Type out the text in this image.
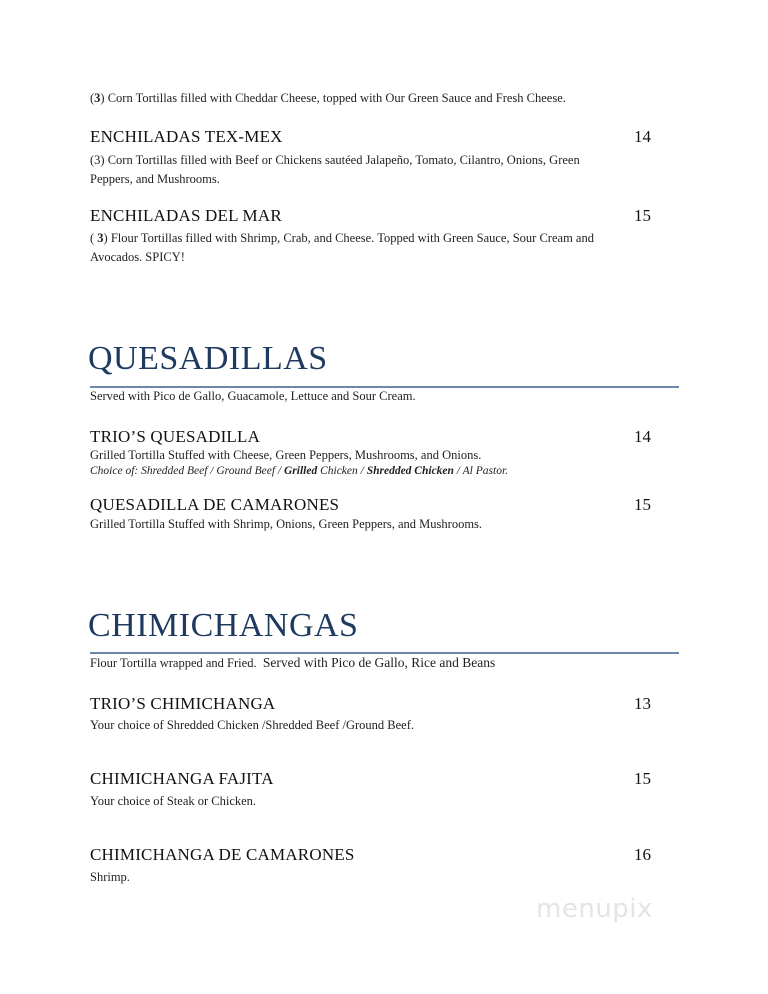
(3) Corn Tortillas filled with Cheddar Cheese, topped with Our Green Sauce and Fresh Cheese.
ENCHILADAS TEX-MEX	14
(3) Corn Tortillas filled with Beef or Chickens sautéed Jalapeño, Tomato, Cilantro, Onions, Green
Peppers, and Mushrooms.
ENCHILADAS DEL MAR	15
( 3) Flour Tortillas filled with Shrimp, Crab, and Cheese. Topped with Green Sauce, Sour Cream and
Avocados. SPICY!
QUESADILLAS
Served with Pico de Gallo, Guacamole, Lettuce and Sour Cream.
TRIO’S QUESADILLA	14
Grilled Tortilla Stuffed with Cheese, Green Peppers, Mushrooms, and Onions.
Choice of: Shredded Beef / Ground Beef / Grilled Chicken / Shredded Chicken / Al Pastor.
QUESADILLA DE CAMARONES	15
Grilled Tortilla Stuffed with Shrimp, Onions, Green Peppers, and Mushrooms.
CHIMICHANGAS
Flour Tortilla wrapped and Fried. Served with Pico de Gallo, Rice and Beans
TRIO’S CHIMICHANGA	13
Your choice of Shredded Chicken /Shredded Beef /Ground Beef.
CHIMICHANGA FAJITA	15
Your choice of Steak or Chicken.
CHIMICHANGA DE CAMARONES	16
Shrimp.
menupix
